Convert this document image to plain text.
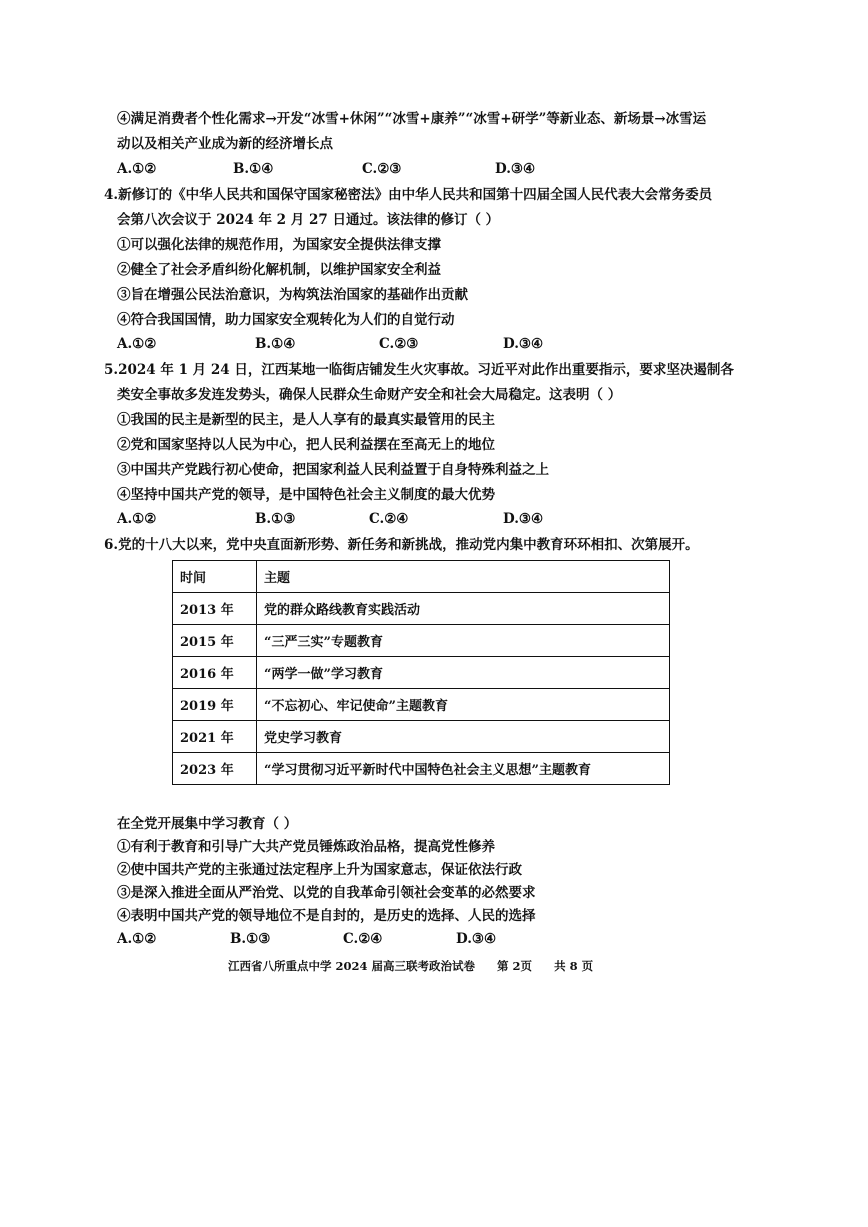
④满足消费者个性化需求→开发“冰雪+休闲”“冰雪+康养”“冰雪+研学”等新业态、新场景→冰雪运
动以及相关产业成为新的经济增长点
A.①②	B.①④	C.②③	D.③④
4.新修订的《中华人民共和国保守国家秘密法》由中华人民共和国第十四届全国人民代表大会常务委员
会第八次会议于 2024 年 2 月 27 日通过。该法律的修订（ ）
①可以强化法律的规范作用，为国家安全提供法律支撑
②健全了社会矛盾纠纷化解机制，以维护国家安全利益
③旨在增强公民法治意识，为构筑法治国家的基础作出贡献
④符合我国国情，助力国家安全观转化为人们的自觉行动
A.①②	B.①④	C.②③	D.③④
5.2024 年 1 月 24 日，江西某地一临街店铺发生火灾事故。习近平对此作出重要指示，要求坚决遏制各
类安全事故多发连发势头，确保人民群众生命财产安全和社会大局稳定。这表明（ ）
①我国的民主是新型的民主，是人人享有的最真实最管用的民主
②党和国家坚持以人民为中心，把人民利益摆在至高无上的地位
③中国共产党践行初心使命，把国家利益人民利益置于自身特殊利益之上
④坚持中国共产党的领导，是中国特色社会主义制度的最大优势
A.①②	B.①③	C.②④	D.③④
6.党的十八大以来，党中央直面新形势、新任务和新挑战，推动党内集中教育环环相扣、次第展开。
时间	主题
2013 年	党的群众路线教育实践活动
2015 年	“三严三实”专题教育
2016 年	“两学一做”学习教育
2019 年	“不忘初心、牢记使命”主题教育
2021 年	党史学习教育
2023 年	“学习贯彻习近平新时代中国特色社会主义思想”主题教育
在全党开展集中学习教育（ ）
①有利于教育和引导广大共产党员锤炼政治品格，提高党性修养
②使中国共产党的主张通过法定程序上升为国家意志，保证依法行政
③是深入推进全面从严治党、以党的自我革命引领社会变革的必然要求
④表明中国共产党的领导地位不是自封的，是历史的选择、人民的选择
A.①②	B.①③	C.②④	D.③④
江西省八所重点中学 2024 届高三联考政治试卷 第 2页 共 8 页
